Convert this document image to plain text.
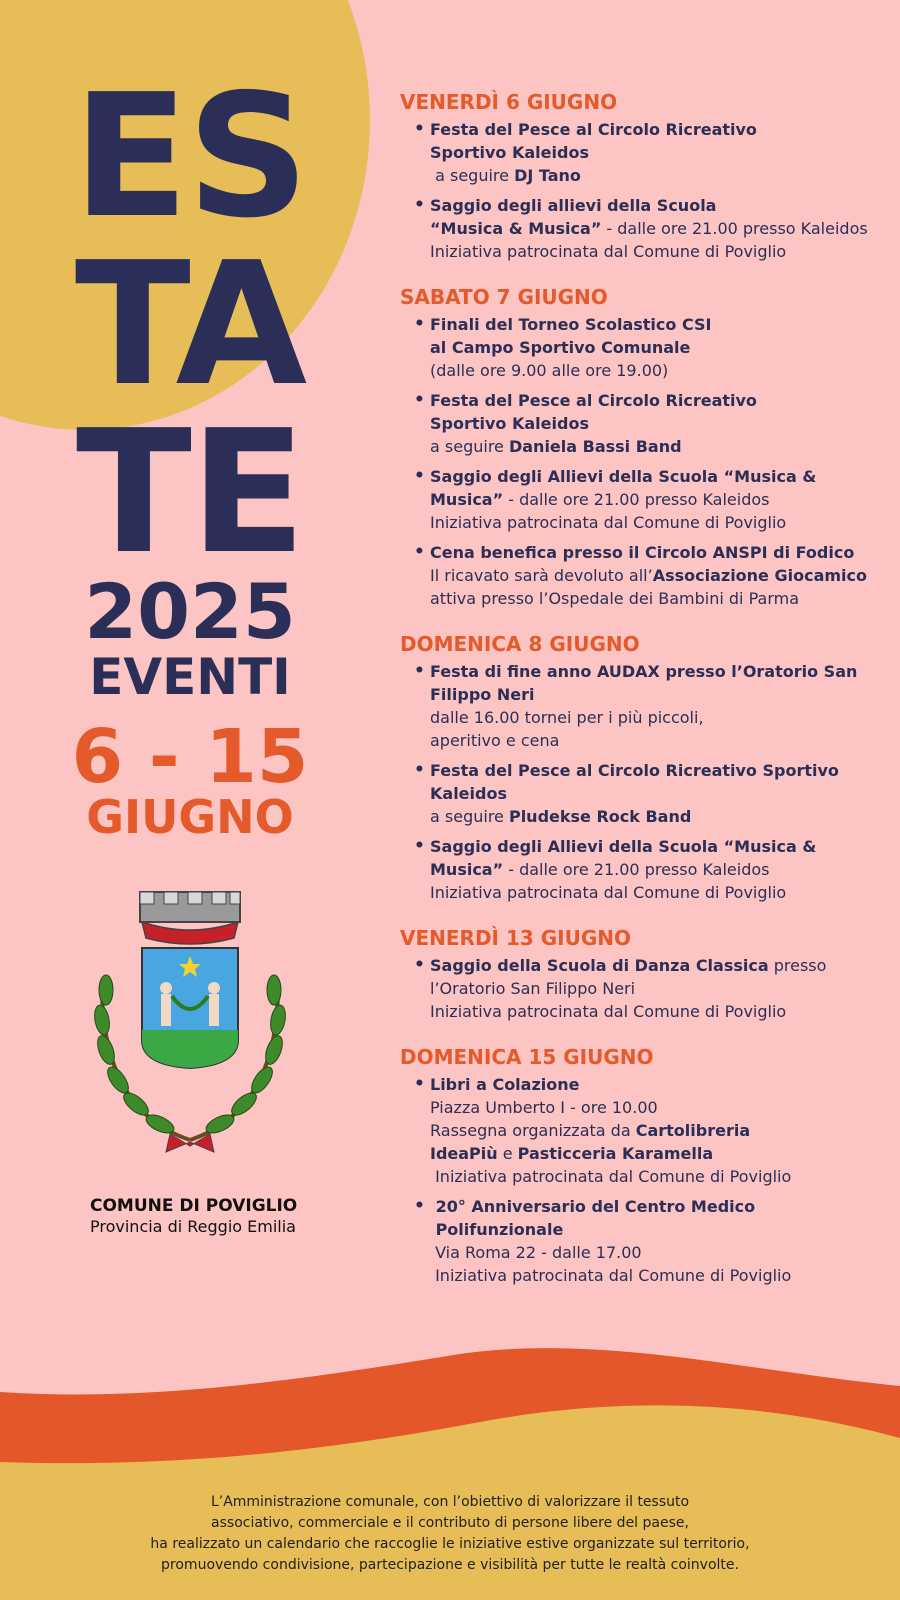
ES
TA
TE
2025
EVENTI
6 - 15
GIUGNO
COMUNE DI POVIGLIO
Provincia di Reggio Emilia
VENERDÌ 6 GIUGNO
• Festa del Pesce al Circolo Ricreativo
Sportivo Kaleidos
a seguire DJ Tano
• Saggio degli allievi della Scuola
“Musica & Musica” - dalle ore 21.00 presso Kaleidos
Iniziativa patrocinata dal Comune di Poviglio
SABATO 7 GIUGNO
• Finali del Torneo Scolastico CSI
al Campo Sportivo Comunale
(dalle ore 9.00 alle ore 19.00)
• Festa del Pesce al Circolo Ricreativo
Sportivo Kaleidos
a seguire Daniela Bassi Band
• Saggio degli Allievi della Scuola “Musica &
Musica” - dalle ore 21.00 presso Kaleidos
Iniziativa patrocinata dal Comune di Poviglio
• Cena benefica presso il Circolo ANSPI di Fodico
Il ricavato sarà devoluto all’Associazione Giocamico
attiva presso l’Ospedale dei Bambini di Parma
DOMENICA 8 GIUGNO
• Festa di fine anno AUDAX presso l’Oratorio San
Filippo Neri
dalle 16.00 tornei per i più piccoli,
aperitivo e cena
• Festa del Pesce al Circolo Ricreativo Sportivo
Kaleidos
a seguire Pludekse Rock Band
• Saggio degli Allievi della Scuola “Musica &
Musica” - dalle ore 21.00 presso Kaleidos
Iniziativa patrocinata dal Comune di Poviglio
VENERDÌ 13 GIUGNO
• Saggio della Scuola di Danza Classica presso
l’Oratorio San Filippo Neri
Iniziativa patrocinata dal Comune di Poviglio
DOMENICA 15 GIUGNO
• Libri a Colazione
Piazza Umberto I - ore 10.00
Rassegna organizzata da Cartolibreria
IdeaPiù e Pasticceria Karamella
Iniziativa patrocinata dal Comune di Poviglio
•  20° Anniversario del Centro Medico
Polifunzionale
Via Roma 22 - dalle 17.00
Iniziativa patrocinata dal Comune di Poviglio
L’Amministrazione comunale, con l’obiettivo di valorizzare il tessuto
associativo, commerciale e il contributo di persone libere del paese,
ha realizzato un calendario che raccoglie le iniziative estive organizzate sul territorio,
promuovendo condivisione, partecipazione e visibilità per tutte le realtà coinvolte.
